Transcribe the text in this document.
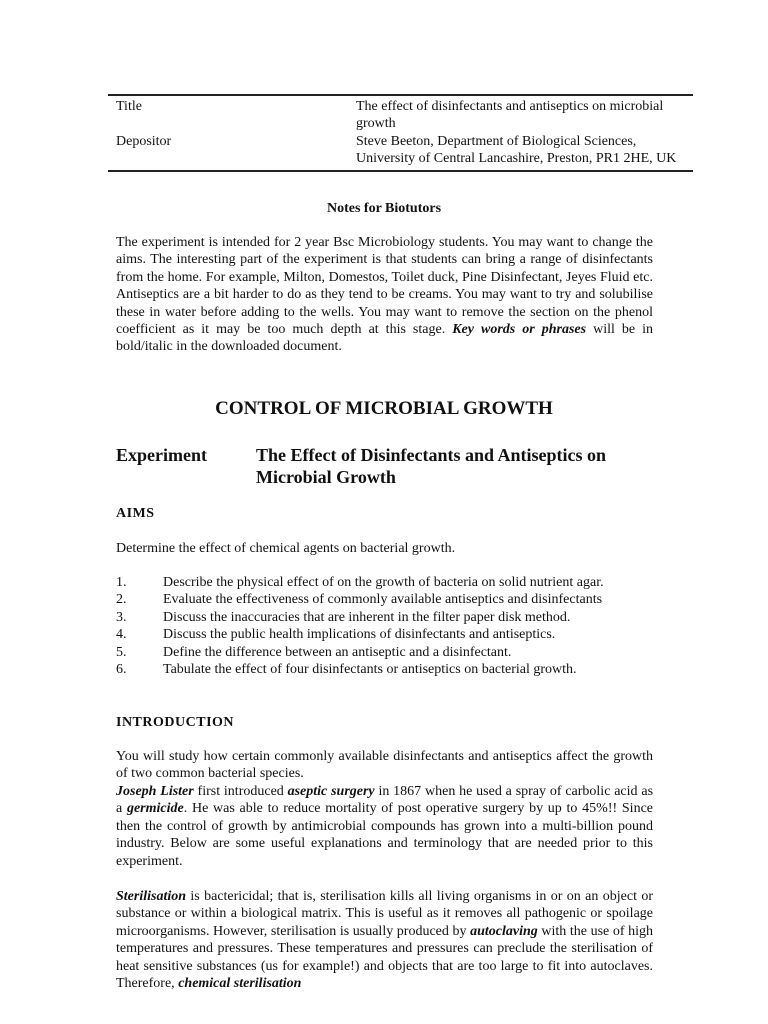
Title	The effect of disinfectants and antiseptics on microbial growth
Depositor	Steve Beeton, Department of Biological Sciences, University of Central Lancashire, Preston, PR1 2HE, UK
Notes for Biotutors
The experiment is intended for 2 year Bsc Microbiology students. You may want to change the aims. The interesting part of the experiment is that students can bring a range of disinfectants from the home. For example, Milton, Domestos, Toilet duck, Pine Disinfectant, Jeyes Fluid etc. Antiseptics are a bit harder to do as they tend to be creams. You may want to try and solubilise these in water before adding to the wells. You may want to remove the section on the phenol coefficient as it may be too much depth at this stage. Key words or phrases will be in bold/italic in the downloaded document.
CONTROL OF MICROBIAL GROWTH
Experiment	The Effect of Disinfectants and Antiseptics on Microbial Growth
AIMS
Determine the effect of chemical agents on bacterial growth.
1.	Describe the physical effect of on the growth of bacteria on solid nutrient agar.
2.	Evaluate the effectiveness of commonly available antiseptics and disinfectants
3.	Discuss the inaccuracies that are inherent in the filter paper disk method.
4.	Discuss the public health implications of disinfectants and antiseptics.
5.	Define the difference between an antiseptic and a disinfectant.
6.	Tabulate the effect of four disinfectants or antiseptics on bacterial growth.
INTRODUCTION
You will study how certain commonly available disinfectants and antiseptics affect the growth of two common bacterial species.
Joseph Lister first introduced aseptic surgery in 1867 when he used a spray of carbolic acid as a germicide. He was able to reduce mortality of post operative surgery by up to 45%!! Since then the control of growth by antimicrobial compounds has grown into a multi-billion pound industry. Below are some useful explanations and terminology that are needed prior to this experiment.
Sterilisation is bactericidal; that is, sterilisation kills all living organisms in or on an object or substance or within a biological matrix. This is useful as it removes all pathogenic or spoilage microorganisms. However, sterilisation is usually produced by autoclaving with the use of high temperatures and pressures. These temperatures and pressures can preclude the sterilisation of heat sensitive substances (us for example!) and objects that are too large to fit into autoclaves. Therefore, chemical sterilisation
